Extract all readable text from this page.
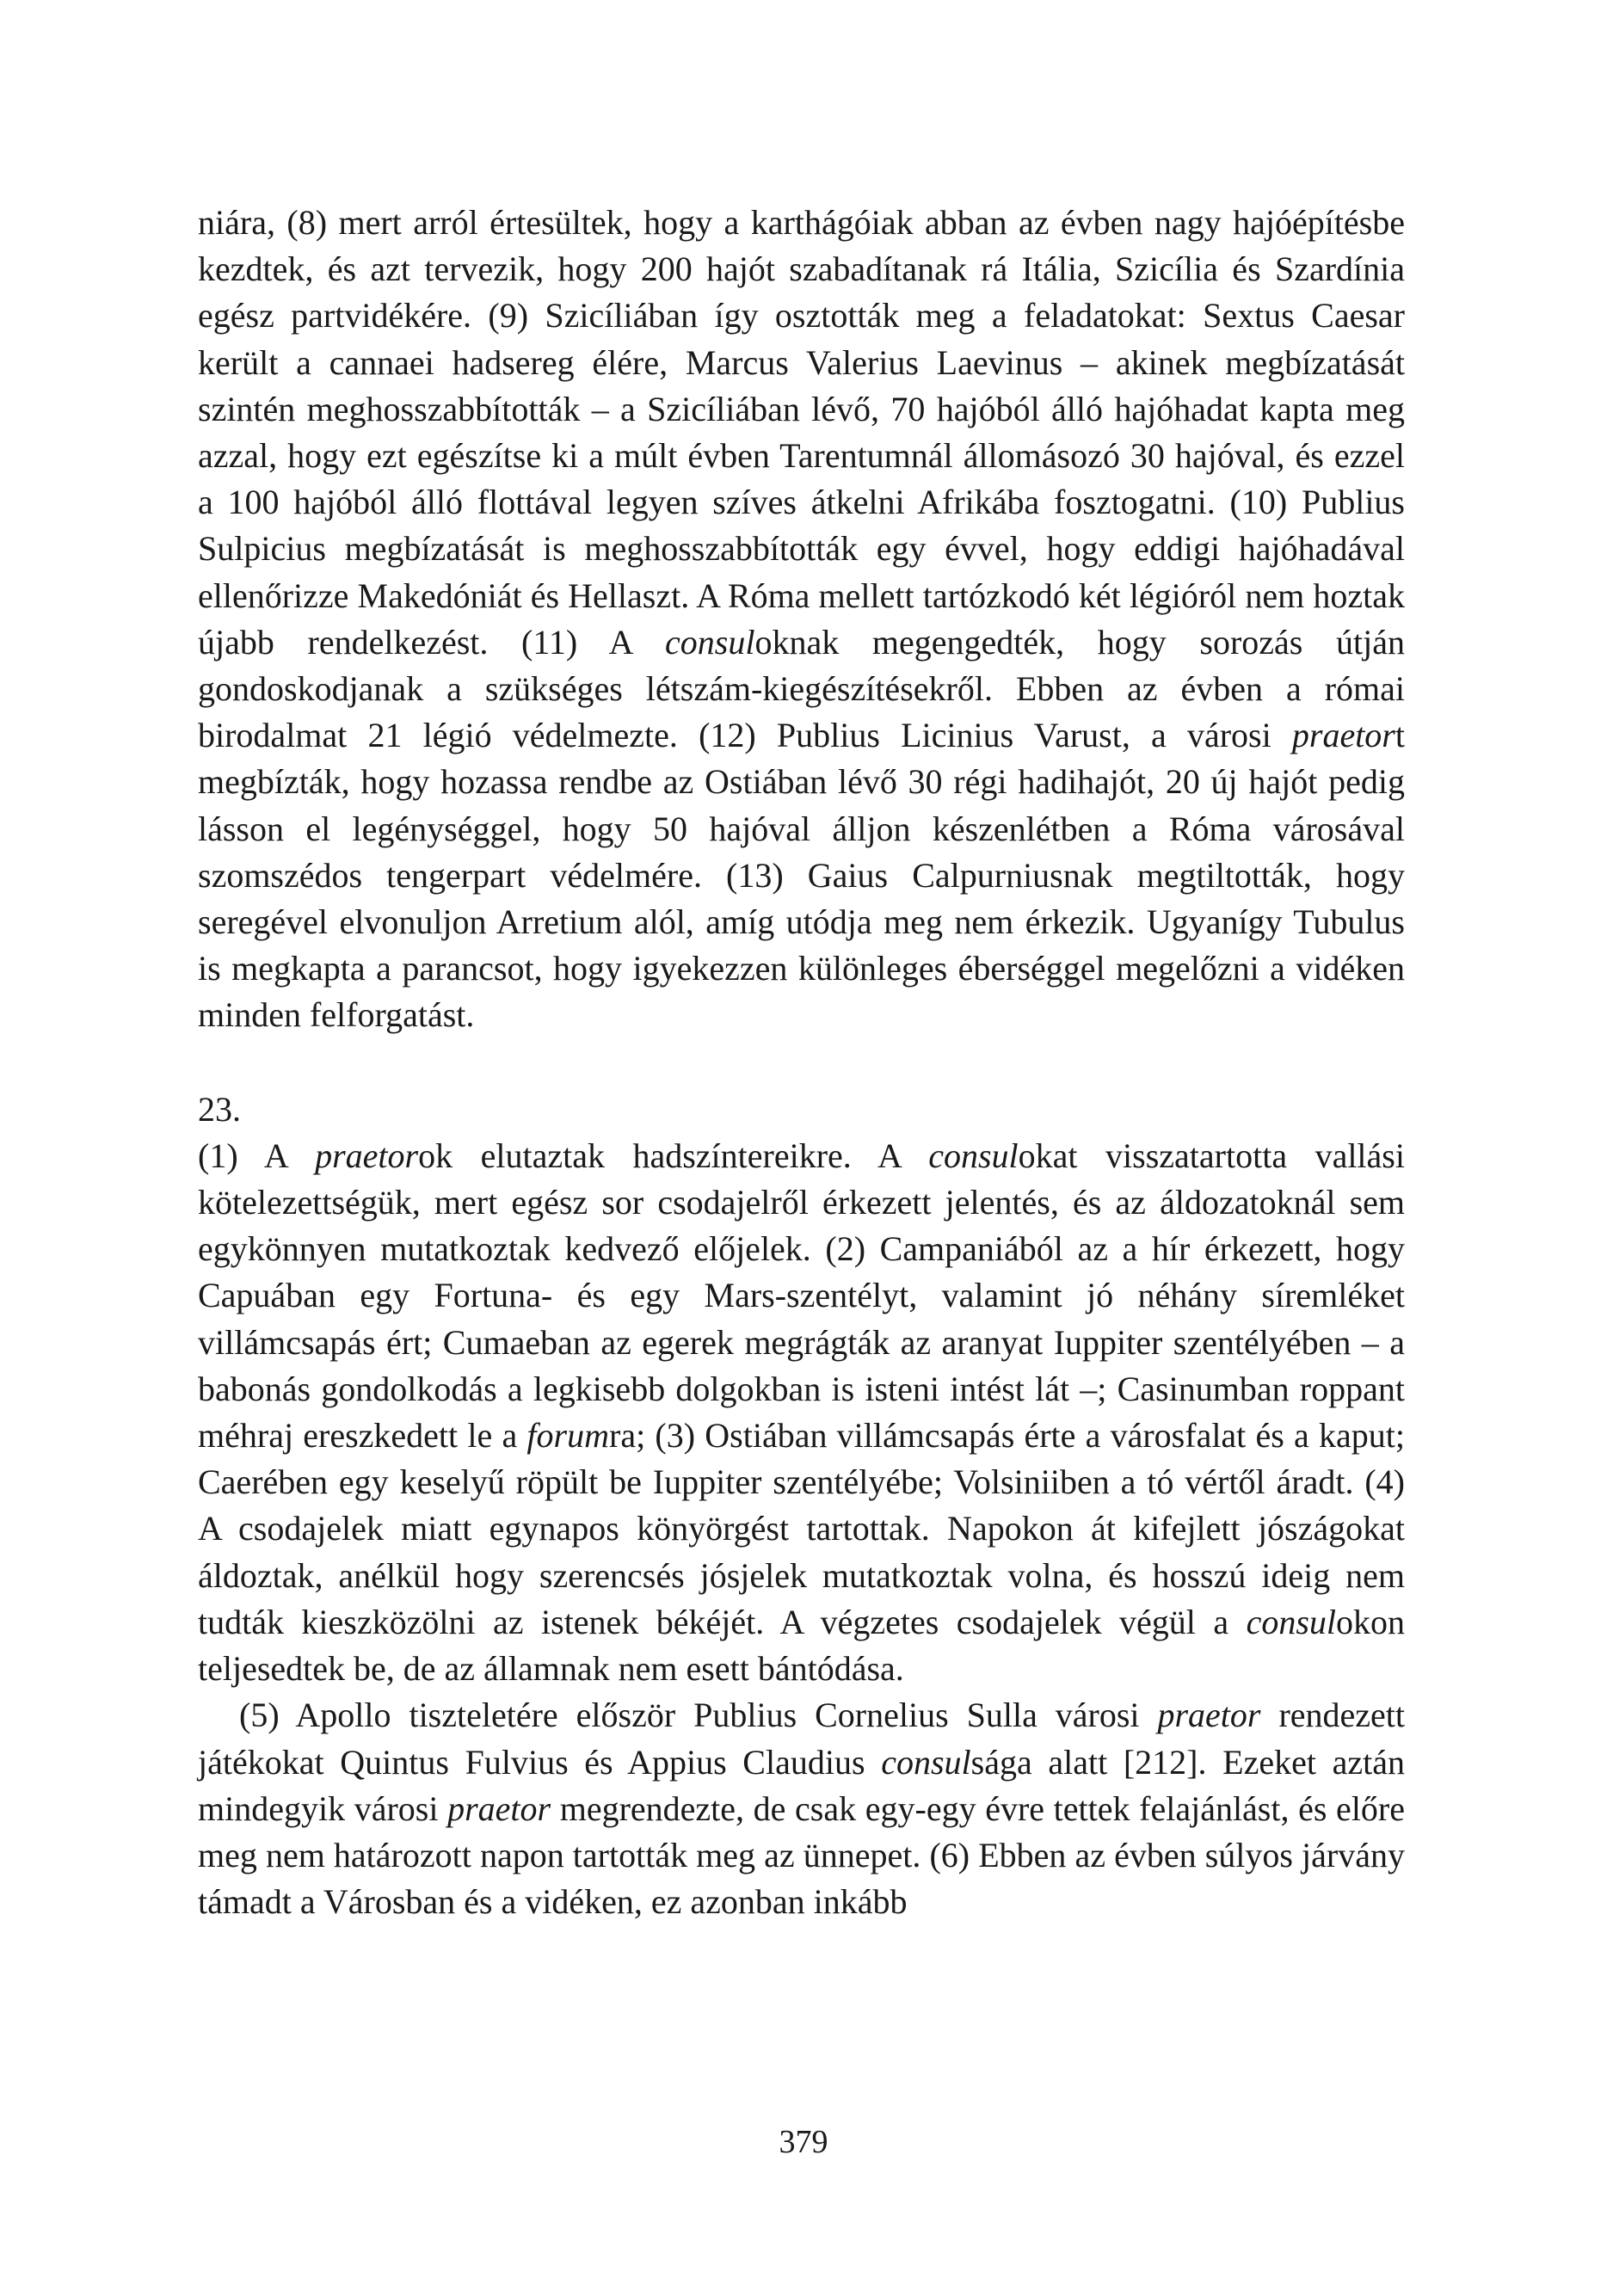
niára, (8) mert arról értesültek, hogy a karthágóiak abban az évben nagy hajóépítésbe kezdtek, és azt tervezik, hogy 200 hajót szabadítanak rá Itália, Szicília és Szardínia egész partvidékére. (9) Szicíliában így osztották meg a feladatokat: Sextus Caesar került a cannaei hadsereg élére, Marcus Valerius Laevinus – akinek megbízatását szintén meghosszabbították – a Szicíliában lévő, 70 hajóból álló hajóhadat kapta meg azzal, hogy ezt egészítse ki a múlt évben Tarentumnál állomásozó 30 hajóval, és ezzel a 100 hajóból álló flottával legyen szíves átkelni Afrikába fosztogatni. (10) Publius Sulpicius megbízatását is meghosszabbították egy évvel, hogy eddigi hajóhadával ellenőrizze Makedóniát és Hellaszt. A Róma mellett tartózkodó két légióról nem hoztak újabb rendelkezést. (11) A consuloknak megengedték, hogy sorozás útján gondoskodjanak a szükséges létszám-kiegészítésekről. Ebben az évben a római birodalmat 21 légió védelmezte. (12) Publius Licinius Varust, a városi praetort megbízták, hogy hozassa rendbe az Ostiában lévő 30 régi hadihajót, 20 új hajót pedig lásson el legénységgel, hogy 50 hajóval álljon készenlétben a Róma városával szomszédos tengerpart védelmére. (13) Gaius Calpurniusnak megtiltották, hogy seregével elvonuljon Arretium alól, amíg utódja meg nem érkezik. Ugyanígy Tubulus is megkapta a parancsot, hogy igyekezzen különleges éberséggel megelőzni a vidéken minden felforgatást.

23.

(1) A praetorok elutaztak hadszíntereikre. A consulokat visszatartotta vallási kötelezettségük, mert egész sor csodajelről érkezett jelentés, és az áldozatoknál sem egykönnyen mutatkoztak kedvező előjelek. (2) Campaniából az a hír érkezett, hogy Capuában egy Fortuna- és egy Mars-szentélyt, valamint jó néhány síremléket villámcsapás ért; Cumaeban az egerek megrágták az aranyat Iuppiter szentélyében – a babonás gondolkodás a legkisebb dolgokban is isteni intést lát –; Casinumban roppant méhraj ereszkedett le a forumra; (3) Ostiában villámcsapás érte a városfalat és a kaput; Caerében egy keselyű röpült be Iuppiter szentélyébe; Volsiniiben a tó vértől áradt. (4) A csodajelek miatt egynapos könyörgést tartottak. Napokon át kifejlett jószágokat áldoztak, anélkül hogy szerencsés jósjelek mutatkoztak volna, és hosszú ideig nem tudták kieszközölni az istenek békéjét. A végzetes csodajelek végül a consulokon teljesedtek be, de az államnak nem esett bántódása.

(5) Apollo tiszteletére először Publius Cornelius Sulla városi praetor rendezett játékokat Quintus Fulvius és Appius Claudius consulsága alatt [212]. Ezeket aztán mindegyik városi praetor megrendezte, de csak egy-egy évre tettek felajánlást, és előre meg nem határozott napon tartották meg az ünnepet. (6) Ebben az évben súlyos járvány támadt a Városban és a vidéken, ez azonban inkább

379
